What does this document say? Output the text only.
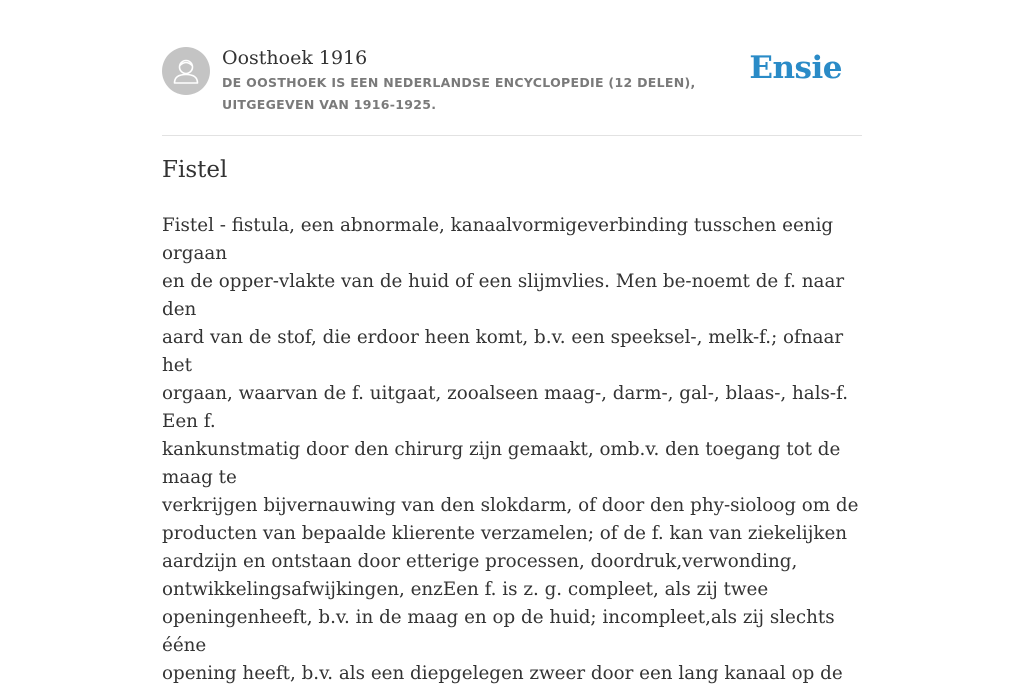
Oosthoek 1916

DE OOSTHOEK IS EEN NEDERLANDSE ENCYCLOPEDIE (12 DELEN), UITGEGEVEN VAN 1916-1925.

Ensie
Fistel

Fistel - fistula, een abnormale, kanaalvormigeverbinding tusschen eenig orgaan
en de opper-vlakte van de huid of een slijmvlies. Men be-noemt de f. naar den
aard van de stof, die erdoor heen komt, b.v. een speeksel-, melk-f.; ofnaar het
orgaan, waarvan de f. uitgaat, zooalseen maag-, darm-, gal-, blaas-, hals-f. Een f.
kankunstmatig door den chirurg zijn gemaakt, omb.v. den toegang tot de maag te
verkrijgen bijvernauwing van den slokdarm, of door den phy-sioloog om de
producten van bepaalde klierente verzamelen; of de f. kan van ziekelijken
aardzijn en ontstaan door etterige processen, doordruk,verwonding,
ontwikkelingsafwijkingen, enzEen f. is z. g. compleet, als zij twee
openingenheeft, b.v. in de maag en op de huid; incompleet,als zij slechts ééne
opening heeft, b.v. als een diepgelegen zweer door een lang kanaal op de
